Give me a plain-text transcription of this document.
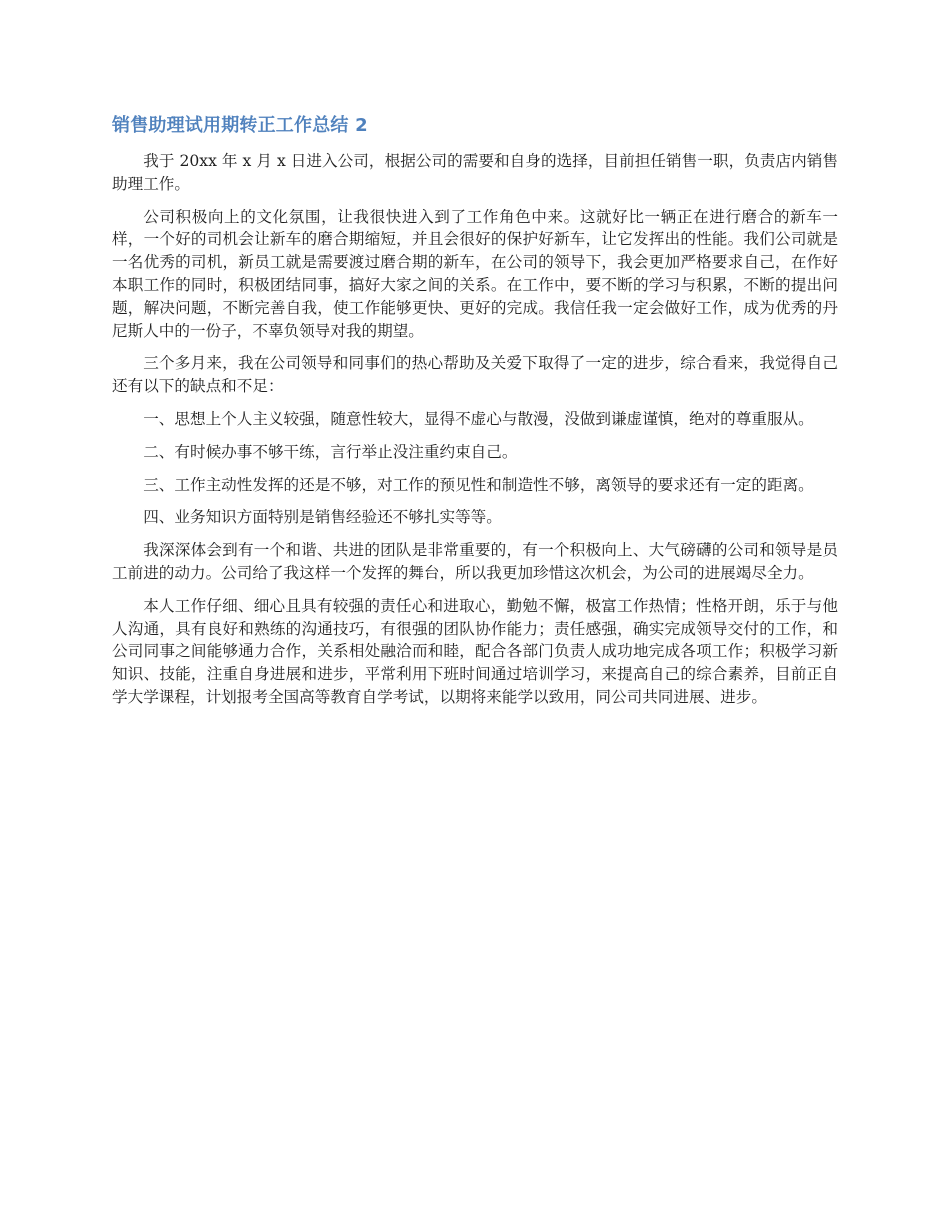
销售助理试用期转正工作总结 2

我于 20xx 年 x 月 x 日进入公司，根据公司的需要和自身的选择，目前担任销售一职，负责店内销售助理工作。

公司积极向上的文化氛围，让我很快进入到了工作角色中来。这就好比一辆正在进行磨合的新车一样，一个好的司机会让新车的磨合期缩短，并且会很好的保护好新车，让它发挥出的性能。我们公司就是一名优秀的司机，新员工就是需要渡过磨合期的新车，在公司的领导下，我会更加严格要求自己，在作好本职工作的同时，积极团结同事，搞好大家之间的关系。在工作中，要不断的学习与积累，不断的提出问题，解决问题，不断完善自我，使工作能够更快、更好的完成。我信任我一定会做好工作，成为优秀的丹尼斯人中的一份子，不辜负领导对我的期望。

三个多月来，我在公司领导和同事们的热心帮助及关爱下取得了一定的进步，综合看来，我觉得自己还有以下的缺点和不足：

一、思想上个人主义较强，随意性较大，显得不虚心与散漫，没做到谦虚谨慎，绝对的尊重服从。

二、有时候办事不够干练，言行举止没注重约束自己。

三、工作主动性发挥的还是不够，对工作的预见性和制造性不够，离领导的要求还有一定的距离。

四、业务知识方面特别是销售经验还不够扎实等等。

我深深体会到有一个和谐、共进的团队是非常重要的，有一个积极向上、大气磅礴的公司和领导是员工前进的动力。公司给了我这样一个发挥的舞台，所以我更加珍惜这次机会，为公司的进展竭尽全力。

本人工作仔细、细心且具有较强的责任心和进取心，勤勉不懈，极富工作热情；性格开朗，乐于与他人沟通，具有良好和熟练的沟通技巧，有很强的团队协作能力；责任感强，确实完成领导交付的工作，和公司同事之间能够通力合作，关系相处融洽而和睦，配合各部门负责人成功地完成各项工作；积极学习新知识、技能，注重自身进展和进步，平常利用下班时间通过培训学习，来提高自己的综合素养，目前正自学大学课程，计划报考全国高等教育自学考试，以期将来能学以致用，同公司共同进展、进步。
